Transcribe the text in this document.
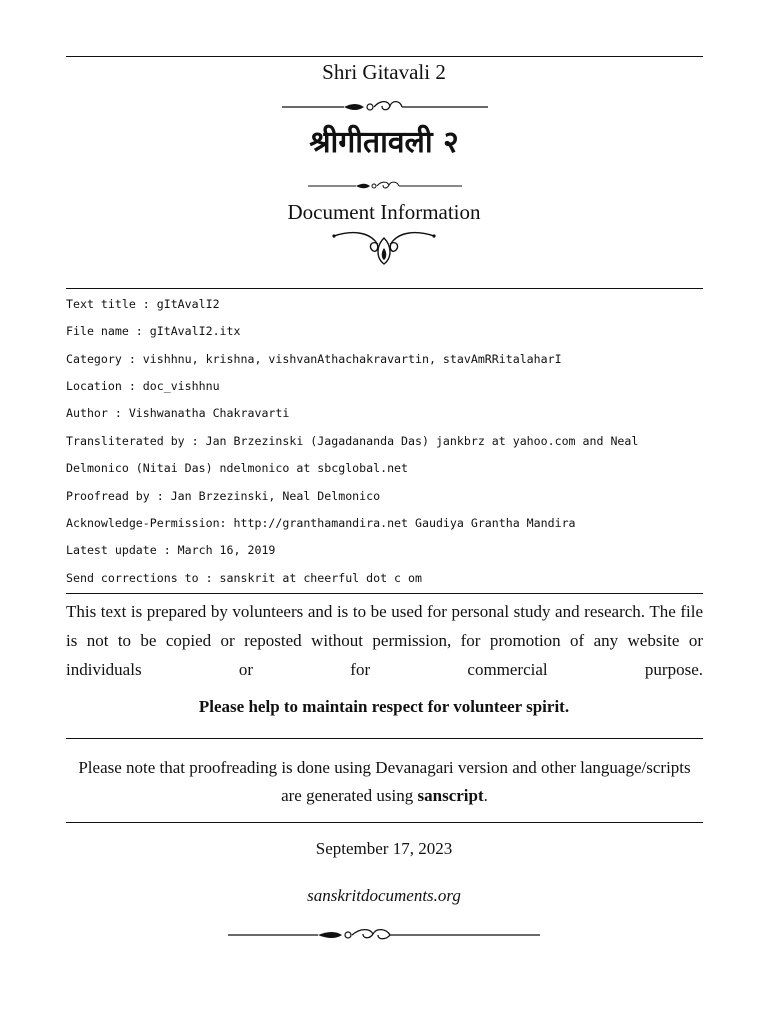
Shri Gitavali 2
श्रीगीतावली २
Document Information
Text title : gItAvalI2
File name : gItAvalI2.itx
Category : vishhnu, krishna, vishvanAthachakravartin, stavAmRRitalaharI
Location : doc_vishhnu
Author : Vishwanatha Chakravarti
Transliterated by : Jan Brzezinski (Jagadananda Das) jankbrz at yahoo.com and Neal
Delmonico (Nitai Das) ndelmonico at sbcglobal.net
Proofread by : Jan Brzezinski, Neal Delmonico
Acknowledge-Permission: http://granthamandira.net Gaudiya Grantha Mandira
Latest update : March 16, 2019
Send corrections to : sanskrit at cheerful dot c om
This text is prepared by volunteers and is to be used for personal study and research. The file is not to be copied or reposted without permission, for promotion of any website or individuals or for commercial purpose.
Please help to maintain respect for volunteer spirit.
Please note that proofreading is done using Devanagari version and other language/scripts are generated using sanscript.
September 17, 2023
sanskritdocuments.org
